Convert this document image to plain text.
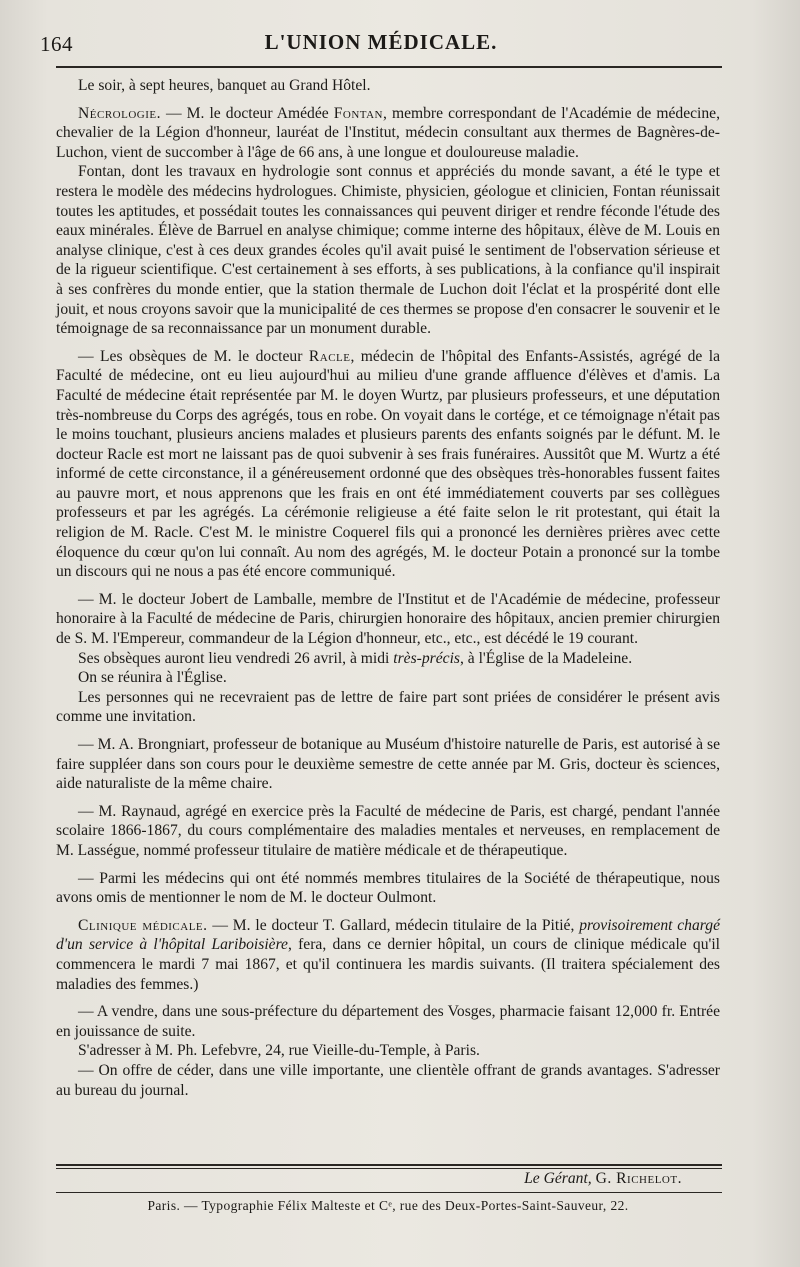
164	L'UNION MÉDICALE.

Le soir, à sept heures, banquet au Grand Hôtel.

Nécrologie. — M. le docteur Amédée Fontan, membre correspondant de l'Académie de médecine, chevalier de la Légion d'honneur, lauréat de l'Institut, médecin consultant aux thermes de Bagnères-de-Luchon, vient de succomber à l'âge de 66 ans, à une longue et douloureuse maladie.

Fontan, dont les travaux en hydrologie sont connus et appréciés du monde savant, a été le type et restera le modèle des médecins hydrologues. Chimiste, physicien, géologue et clinicien, Fontan réunissait toutes les aptitudes, et possédait toutes les connaissances qui peuvent diriger et rendre féconde l'étude des eaux minérales. Élève de Barruel en analyse chimique; comme interne des hôpitaux, élève de M. Louis en analyse clinique, c'est à ces deux grandes écoles qu'il avait puisé le sentiment de l'observation sérieuse et de la rigueur scientifique. C'est certainement à ses efforts, à ses publications, à la confiance qu'il inspirait à ses confrères du monde entier, que la station thermale de Luchon doit l'éclat et la prospérité dont elle jouit, et nous croyons savoir que la municipalité de ces thermes se propose d'en consacrer le souvenir et le témoignage de sa reconnaissance par un monument durable.

— Les obsèques de M. le docteur Racle, médecin de l'hôpital des Enfants-Assistés, agrégé de la Faculté de médecine, ont eu lieu aujourd'hui au milieu d'une grande affluence d'élèves et d'amis. La Faculté de médecine était représentée par M. le doyen Wurtz, par plusieurs professeurs, et une députation très-nombreuse du Corps des agrégés, tous en robe. On voyait dans le cortége, et ce témoignage n'était pas le moins touchant, plusieurs anciens malades et plusieurs parents des enfants soignés par le défunt. M. le docteur Racle est mort ne laissant pas de quoi subvenir à ses frais funéraires. Aussitôt que M. Wurtz a été informé de cette circonstance, il a généreusement ordonné que des obsèques très-honorables fussent faites au pauvre mort, et nous apprenons que les frais en ont été immédiatement couverts par ses collègues professeurs et par les agrégés. La cérémonie religieuse a été faite selon le rit protestant, qui était la religion de M. Racle. C'est M. le ministre Coquerel fils qui a prononcé les dernières prières avec cette éloquence du cœur qu'on lui connaît. Au nom des agrégés, M. le docteur Potain a prononcé sur la tombe un discours qui ne nous a pas été encore communiqué.

— M. le docteur Jobert de Lamballe, membre de l'Institut et de l'Académie de médecine, professeur honoraire à la Faculté de médecine de Paris, chirurgien honoraire des hôpitaux, ancien premier chirurgien de S. M. l'Empereur, commandeur de la Légion d'honneur, etc., etc., est décédé le 19 courant.

Ses obsèques auront lieu vendredi 26 avril, à midi très-précis, à l'Église de la Madeleine.

On se réunira à l'Église.

Les personnes qui ne recevraient pas de lettre de faire part sont priées de considérer le présent avis comme une invitation.

— M. A. Brongniart, professeur de botanique au Muséum d'histoire naturelle de Paris, est autorisé à se faire suppléer dans son cours pour le deuxième semestre de cette année par M. Gris, docteur ès sciences, aide naturaliste de la même chaire.

— M. Raynaud, agrégé en exercice près la Faculté de médecine de Paris, est chargé, pendant l'année scolaire 1866-1867, du cours complémentaire des maladies mentales et nerveuses, en remplacement de M. Lasségue, nommé professeur titulaire de matière médicale et de thérapeutique.

— Parmi les médecins qui ont été nommés membres titulaires de la Société de thérapeutique, nous avons omis de mentionner le nom de M. le docteur Oulmont.

Clinique médicale. — M. le docteur T. Gallard, médecin titulaire de la Pitié, provisoirement chargé d'un service à l'hôpital Lariboisière, fera, dans ce dernier hôpital, un cours de clinique médicale qu'il commencera le mardi 7 mai 1867, et qu'il continuera les mardis suivants. (Il traitera spécialement des maladies des femmes.)

— A vendre, dans une sous-préfecture du département des Vosges, pharmacie faisant 12,000 fr. Entrée en jouissance de suite.

S'adresser à M. Ph. Lefebvre, 24, rue Vieille-du-Temple, à Paris.

— On offre de céder, dans une ville importante, une clientèle offrant de grands avantages. S'adresser au bureau du journal.

Le Gérant, G. Richelot.
Paris. — Typographie Félix Malteste et Cᵉ, rue des Deux-Portes-Saint-Sauveur, 22.
